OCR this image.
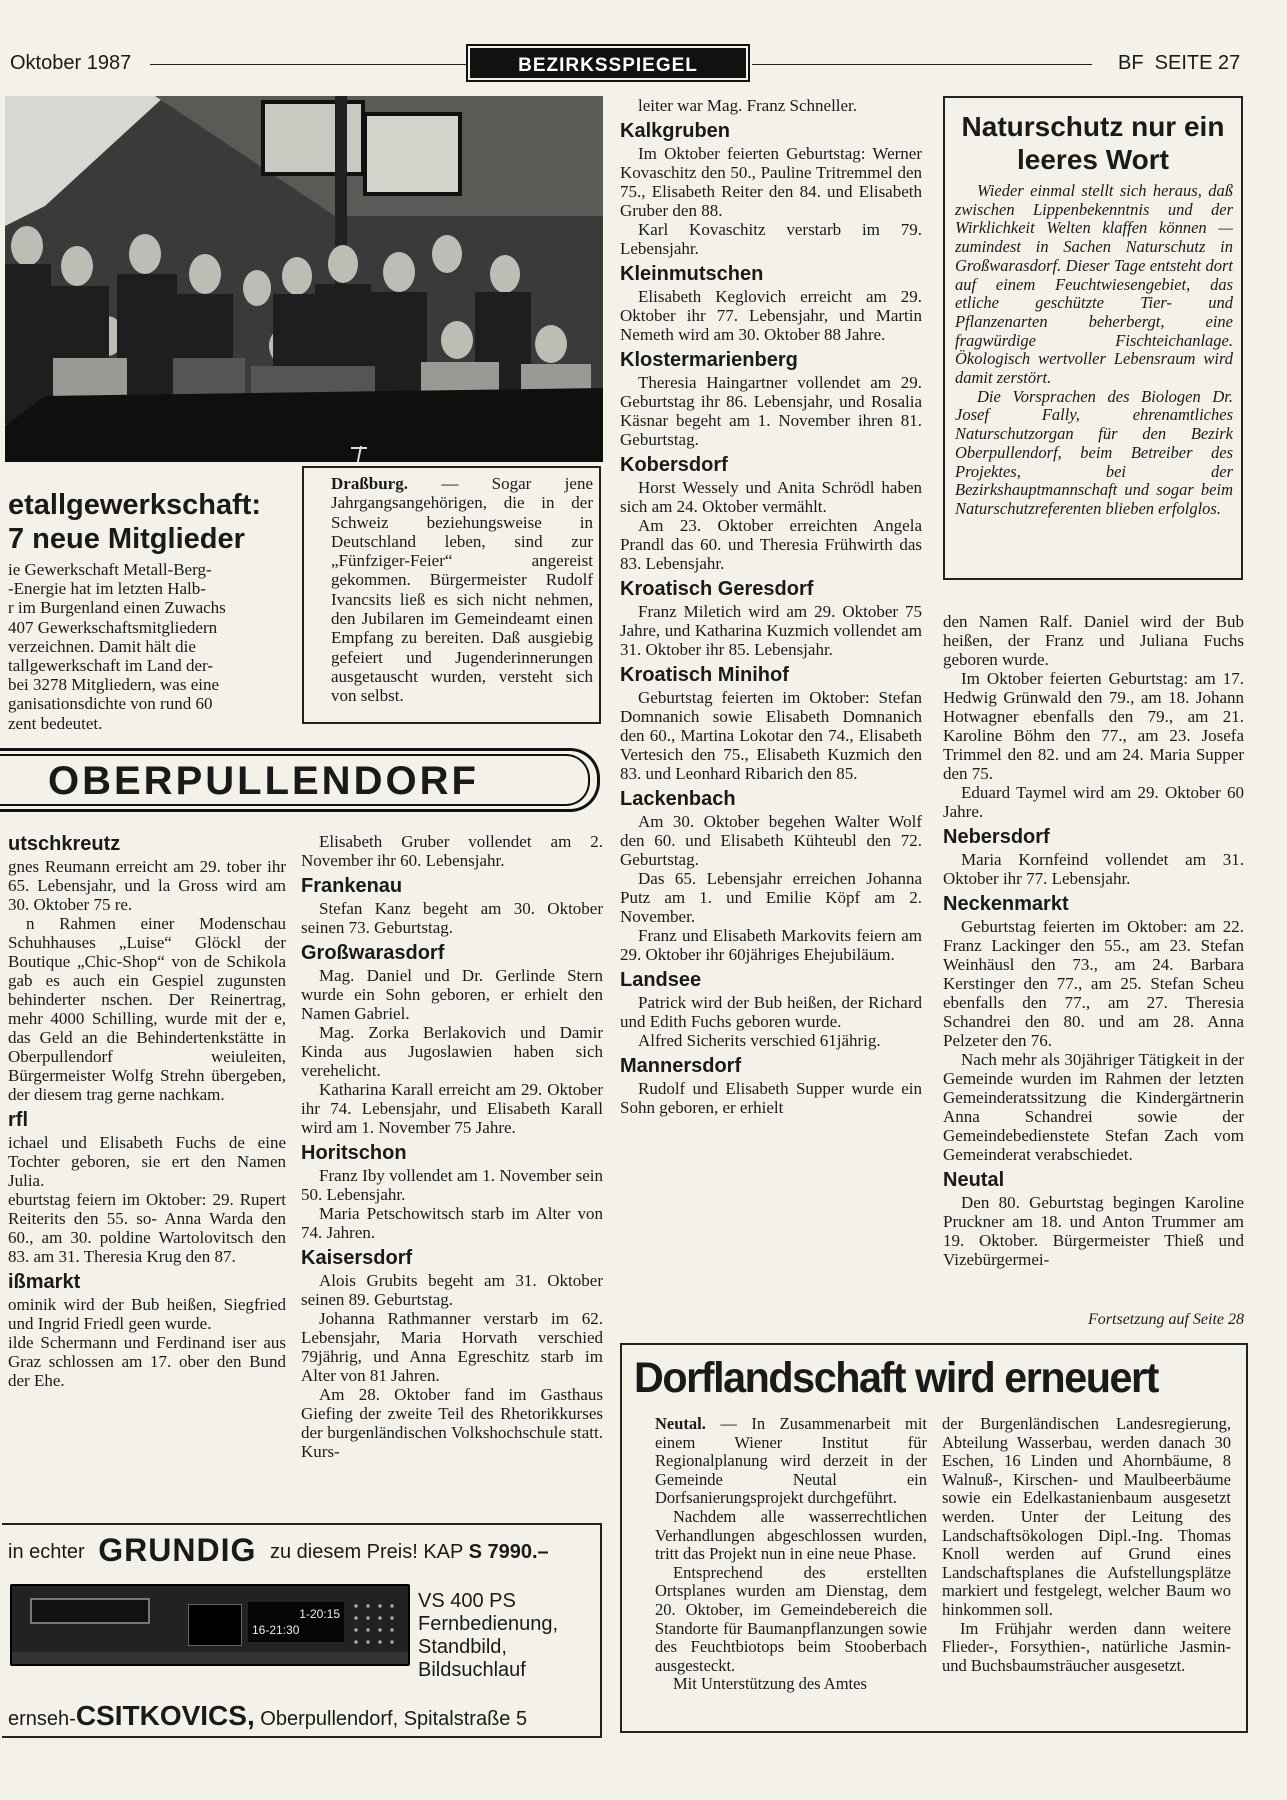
Oktober 1987	BEZIRKSSPIEGEL	BF  SEITE 27
etallgewerkschaft:
7 neue Mitglieder
ie Gewerkschaft Metall-Berg-
-Energie hat im letzten Halb-
r im Burgenland einen Zuwachs
407 Gewerkschaftsmitgliedern
verzeichnen. Damit hält die
tallgewerkschaft im Land der-
bei 3278 Mitgliedern, was eine
ganisationsdichte von rund 60
zent bedeutet.
Draßburg. — Sogar jene Jahrgangsangehörigen, die in der Schweiz beziehungsweise in Deutschland leben, sind zur „Fünfziger-Feier“ angereist gekommen. Bürgermeister Rudolf Ivancsits ließ es sich nicht nehmen, den Jubilaren im Gemeindeamt einen Empfang zu bereiten. Daß ausgiebig gefeiert und Jugenderinnerungen ausgetauscht wurden, versteht sich von selbst.
OBERPULLENDORF
utschkreutz

gnes Reumann erreicht am 29. tober ihr 65. Lebensjahr, und la Gross wird am 30. Oktober 75 re.

n Rahmen einer Modenschau Schuhhauses „Luise“ Glöckl der Boutique „Chic-Shop“ von de Schikola gab es auch ein Gespiel zugunsten behinderter nschen. Der Reinertrag, mehr 4000 Schilling, wurde mit der e, das Geld an die Behindertenkstätte in Oberpullendorf weiuleiten, Bürgermeister Wolfg Strehn übergeben, der diesem trag gerne nachkam.

rfl

ichael und Elisabeth Fuchs de eine Tochter geboren, sie ert den Namen Julia.

eburtstag feiern im Oktober: 29. Rupert Reiterits den 55. so- Anna Warda den 60., am 30. poldine Wartolovitsch den 83. am 31. Theresia Krug den 87.

ißmarkt

ominik wird der Bub heißen, Siegfried und Ingrid Friedl geen wurde.

ilde Schermann und Ferdinand iser aus Graz schlossen am 17. ober den Bund der Ehe.

Elisabeth Gruber vollendet am 2. November ihr 60. Lebensjahr.

Frankenau

Stefan Kanz begeht am 30. Oktober seinen 73. Geburtstag.

Großwarasdorf

Mag. Daniel und Dr. Gerlinde Stern wurde ein Sohn geboren, er erhielt den Namen Gabriel.

Mag. Zorka Berlakovich und Damir Kinda aus Jugoslawien haben sich verehelicht.

Katharina Karall erreicht am 29. Oktober ihr 74. Lebensjahr, und Elisabeth Karall wird am 1. November 75 Jahre.

Horitschon

Franz Iby vollendet am 1. November sein 50. Lebensjahr.

Maria Petschowitsch starb im Alter von 74. Jahren.

Kaisersdorf

Alois Grubits begeht am 31. Oktober seinen 89. Geburtstag.

Johanna Rathmanner verstarb im 62. Lebensjahr, Maria Horvath verschied 79jährig, und Anna Egreschitz starb im Alter von 81 Jahren.

Am 28. Oktober fand im Gasthaus Giefing der zweite Teil des Rhetorikkurses der burgenländischen Volkshochschule statt. Kurs-

leiter war Mag. Franz Schneller.

Kalkgruben

Im Oktober feierten Geburtstag: Werner Kovaschitz den 50., Pauline Tritremmel den 75., Elisabeth Reiter den 84. und Elisabeth Gruber den 88.

Karl Kovaschitz verstarb im 79. Lebensjahr.

Kleinmutschen

Elisabeth Keglovich erreicht am 29. Oktober ihr 77. Lebensjahr, und Martin Nemeth wird am 30. Oktober 88 Jahre.

Klostermarienberg

Theresia Haingartner vollendet am 29. Geburtstag ihr 86. Lebensjahr, und Rosalia Käsnar begeht am 1. November ihren 81. Geburtstag.

Kobersdorf

Horst Wessely und Anita Schrödl haben sich am 24. Oktober vermählt.

Am 23. Oktober erreichten Angela Prandl das 60. und Theresia Frühwirth das 83. Lebensjahr.

Kroatisch Geresdorf

Franz Miletich wird am 29. Oktober 75 Jahre, und Katharina Kuzmich vollendet am 31. Oktober ihr 85. Lebensjahr.

Kroatisch Minihof

Geburtstag feierten im Oktober: Stefan Domnanich sowie Elisabeth Domnanich den 60., Martina Lokotar den 74., Elisabeth Vertesich den 75., Elisabeth Kuzmich den 83. und Leonhard Ribarich den 85.

Lackenbach

Am 30. Oktober begehen Walter Wolf den 60. und Elisabeth Kühteubl den 72. Geburtstag.

Das 65. Lebensjahr erreichen Johanna Putz am 1. und Emilie Köpf am 2. November.

Franz und Elisabeth Markovits feiern am 29. Oktober ihr 60jähriges Ehejubiläum.

Landsee

Patrick wird der Bub heißen, der Richard und Edith Fuchs geboren wurde.

Alfred Sicherits verschied 61jährig.

Mannersdorf

Rudolf und Elisabeth Supper wurde ein Sohn geboren, er erhielt

Naturschutz nur ein leeres Wort

Wieder einmal stellt sich heraus, daß zwischen Lippenbekenntnis und der Wirklichkeit Welten klaffen können — zumindest in Sachen Naturschutz in Großwarasdorf. Dieser Tage entsteht dort auf einem Feuchtwiesengebiet, das etliche geschützte Tier- und Pflanzenarten beherbergt, eine fragwürdige Fischteichanlage. Ökologisch wertvoller Lebensraum wird damit zerstört.

Die Vorsprachen des Biologen Dr. Josef Fally, ehrenamtliches Naturschutzorgan für den Bezirk Oberpullendorf, beim Betreiber des Projektes, bei der Bezirkshauptmannschaft und sogar beim Naturschutzreferenten blieben erfolglos.

den Namen Ralf. Daniel wird der Bub heißen, der Franz und Juliana Fuchs geboren wurde.

Im Oktober feierten Geburtstag: am 17. Hedwig Grünwald den 79., am 18. Johann Hotwagner ebenfalls den 79., am 21. Karoline Böhm den 77., am 23. Josefa Trimmel den 82. und am 24. Maria Supper den 75.

Eduard Taymel wird am 29. Oktober 60 Jahre.

Nebersdorf

Maria Kornfeind vollendet am 31. Oktober ihr 77. Lebensjahr.

Neckenmarkt

Geburtstag feierten im Oktober: am 22. Franz Lackinger den 55., am 23. Stefan Weinhäusl den 73., am 24. Barbara Kerstinger den 77., am 25. Stefan Scheu ebenfalls den 77., am 27. Theresia Schandrei den 80. und am 28. Anna Pelzeter den 76.

Nach mehr als 30jähriger Tätigkeit in der Gemeinde wurden im Rahmen der letzten Gemeinderatssitzung die Kindergärtnerin Anna Schandrei sowie der Gemeindebedienstete Stefan Zach vom Gemeinderat verabschiedet.

Neutal

Den 80. Geburtstag begingen Karoline Pruckner am 18. und Anton Trummer am 19. Oktober. Bürgermeister Thieß und Vizebürgermei-

Fortsetzung auf Seite 28
Dorflandschaft wird erneuert

Neutal. — In Zusammenarbeit mit einem Wiener Institut für Regionalplanung wird derzeit in der Gemeinde Neutal ein Dorfsanierungsprojekt durchgeführt.

Nachdem alle wasserrechtlichen Verhandlungen abgeschlossen wurden, tritt das Projekt nun in eine neue Phase.

Entsprechend des erstellten Ortsplanes wurden am Dienstag, dem 20. Oktober, im Gemeindebereich die Standorte für Baumanpflanzungen sowie des Feuchtbiotops beim Stooberbach ausgesteckt.

Mit Unterstützung des Amtes

der Burgenländischen Landesregierung, Abteilung Wasserbau, werden danach 30 Eschen, 16 Linden und Ahornbäume, 8 Walnuß-, Kirschen- und Maulbeerbäume sowie ein Edelkastanienbaum ausgesetzt werden. Unter der Leitung des Landschaftsökologen Dipl.-Ing. Thomas Knoll werden auf Grund eines Landschaftsplanes die Aufstellungsplätze markiert und festgelegt, welcher Baum wo hinkommen soll.

Im Frühjahr werden dann weitere Flieder-, Forsythien-, natürliche Jasmin- und Buchsbaumsträucher ausgesetzt.

in echter GRUNDIG zu diesem Preis! KAP S 7990.–
1-20:15
16-21:30
VS 400 PS
Fernbedienung,
Standbild,
Bildsuchlauf
ernseh-CSITKOVICS, Oberpullendorf, Spitalstraße 5
